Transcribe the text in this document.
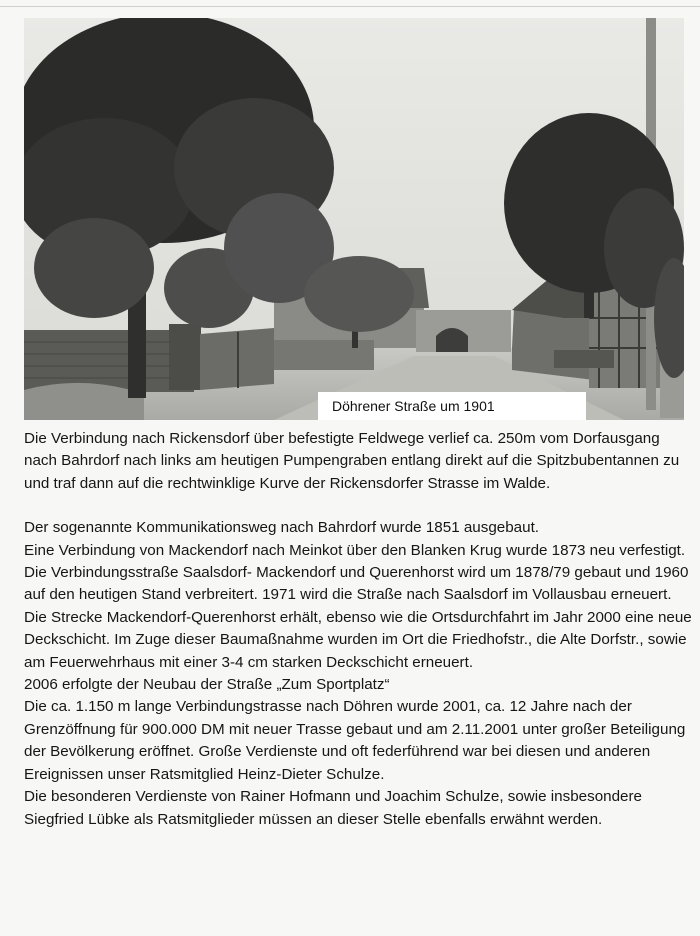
Döhrener Straße um 1901

Die Verbindung nach Rickensdorf über befestigte Feldwege verlief ca. 250m vom Dorfausgang nach Bahrdorf nach links am heutigen Pumpengraben entlang direkt auf die Spitzbubentannen zu und traf dann auf die rechtwinklige Kurve der Rickensdorfer Strasse im Walde.

Der sogenannte Kommunikationsweg nach Bahrdorf wurde 1851 ausgebaut.

Eine Verbindung von Mackendorf nach Meinkot über den Blanken Krug wurde 1873 neu verfestigt.

Die Verbindungsstraße Saalsdorf- Mackendorf und Querenhorst wird um 1878/79 gebaut und 1960 auf den heutigen Stand verbreitert. 1971 wird die Straße nach Saalsdorf im Vollausbau erneuert. Die Strecke Mackendorf-Querenhorst erhält, ebenso wie die Ortsdurchfahrt im Jahr 2000 eine neue Deckschicht. Im Zuge dieser Baumaßnahme wurden im Ort die Friedhofstr., die Alte Dorfstr., sowie am Feuerwehrhaus mit einer 3-4 cm starken Deckschicht erneuert.

2006 erfolgte der Neubau der Straße „Zum Sportplatz“

Die ca. 1.150 m lange Verbindungstrasse nach Döhren wurde 2001, ca. 12 Jahre nach der Grenzöffnung für 900.000 DM mit neuer Trasse gebaut und am 2.11.2001 unter großer Beteiligung der Bevölkerung eröffnet. Große Verdienste und oft federführend war bei diesen und anderen Ereignissen unser Ratsmitglied Heinz-Dieter Schulze.

Die besonderen Verdienste von Rainer Hofmann und Joachim Schulze, sowie insbesondere Siegfried Lübke als Ratsmitglieder müssen an dieser Stelle ebenfalls erwähnt werden.
